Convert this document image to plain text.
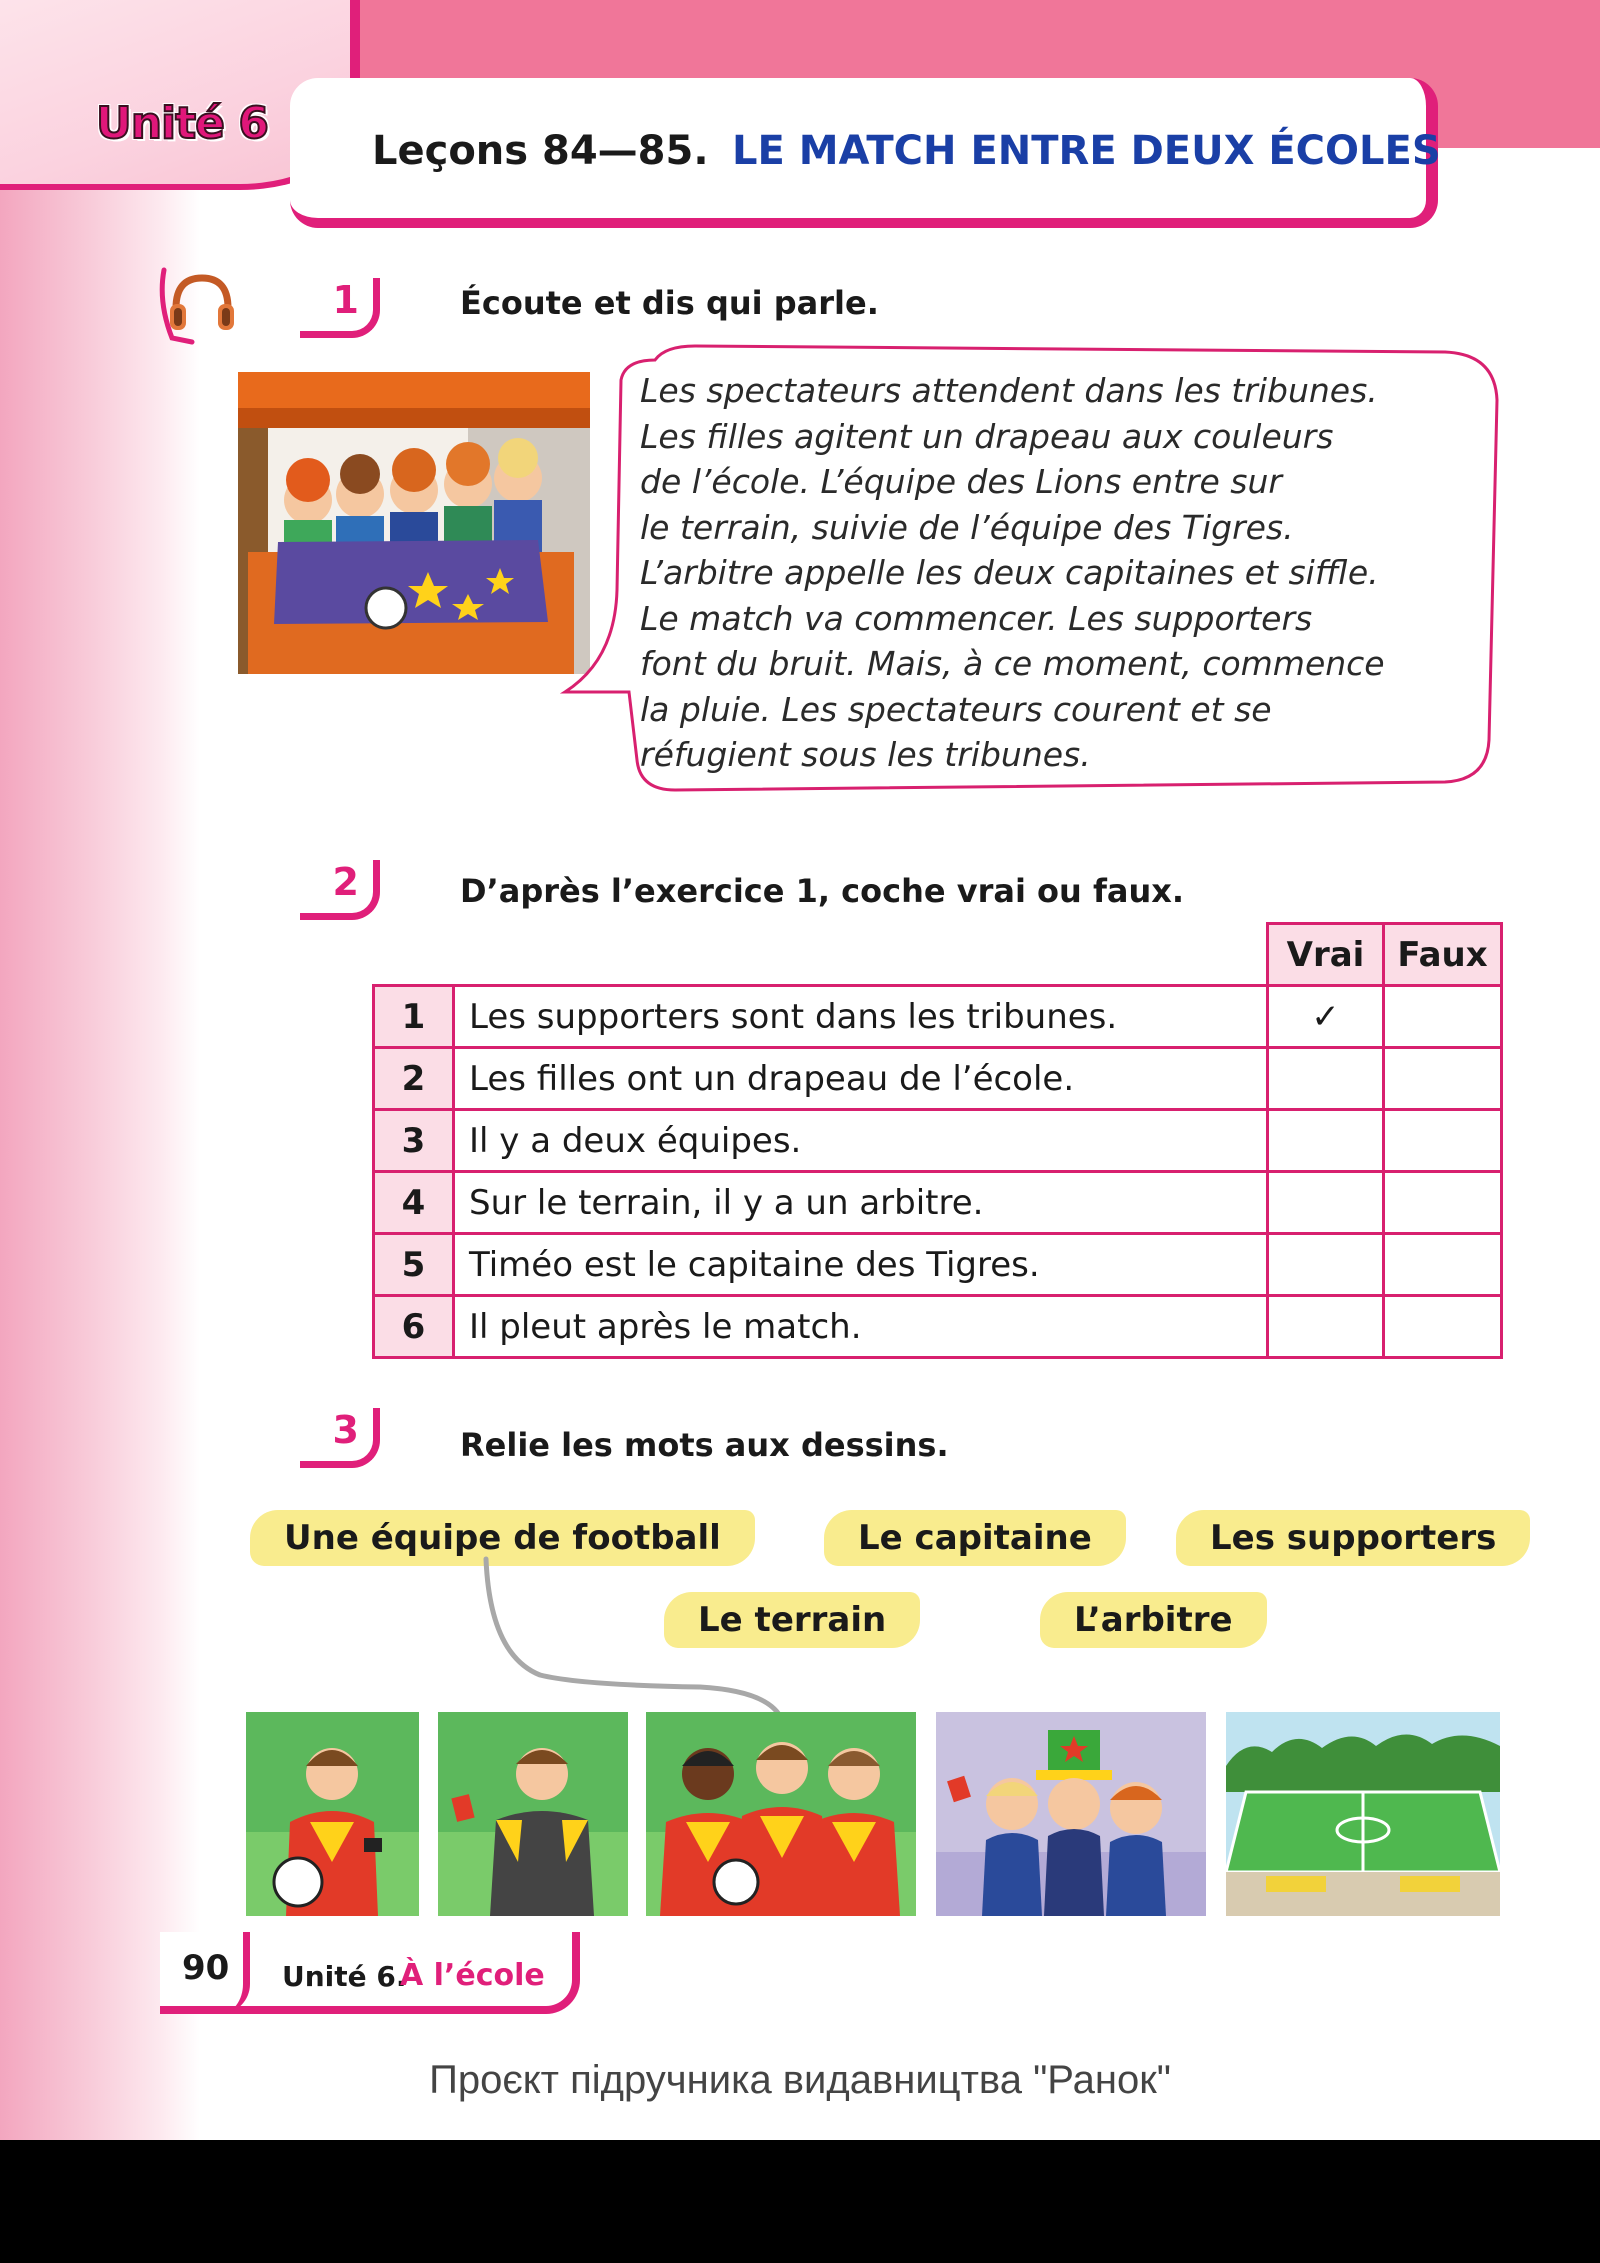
Unité 6
Leçons 84—85. LE MATCH ENTRE DEUX ÉCOLES
1	Écoute et dis qui parle.
Les spectateurs attendent dans les tribunes.
Les filles agitent un drapeau aux couleurs
de l’école. L’équipe des Lions entre sur
le terrain, suivie de l’équipe des Tigres.
L’arbitre appelle les deux capitaines et siffle.
Le match va commencer. Les supporters
font du bruit. Mais, à ce moment, commence
la pluie. Les spectateurs courent et se
réfugient sous les tribunes.
2	D’après l’exercice 1, coche vrai ou faux.
		Vrai	Faux
1	Les supporters sont dans les tribunes.	✓	
2	Les filles ont un drapeau de l’école.		
3	Il y a deux équipes.		
4	Sur le terrain, il y a un arbitre.		
5	Timéo est le capitaine des Tigres.		
6	Il pleut après le match.		
3	Relie les mots aux dessins.
Une équipe de football	Le capitaine	Les supporters
Le terrain	L’arbitre
90 Unité 6.
À l’école
Проєкт підручника видавництва "Ранок"
